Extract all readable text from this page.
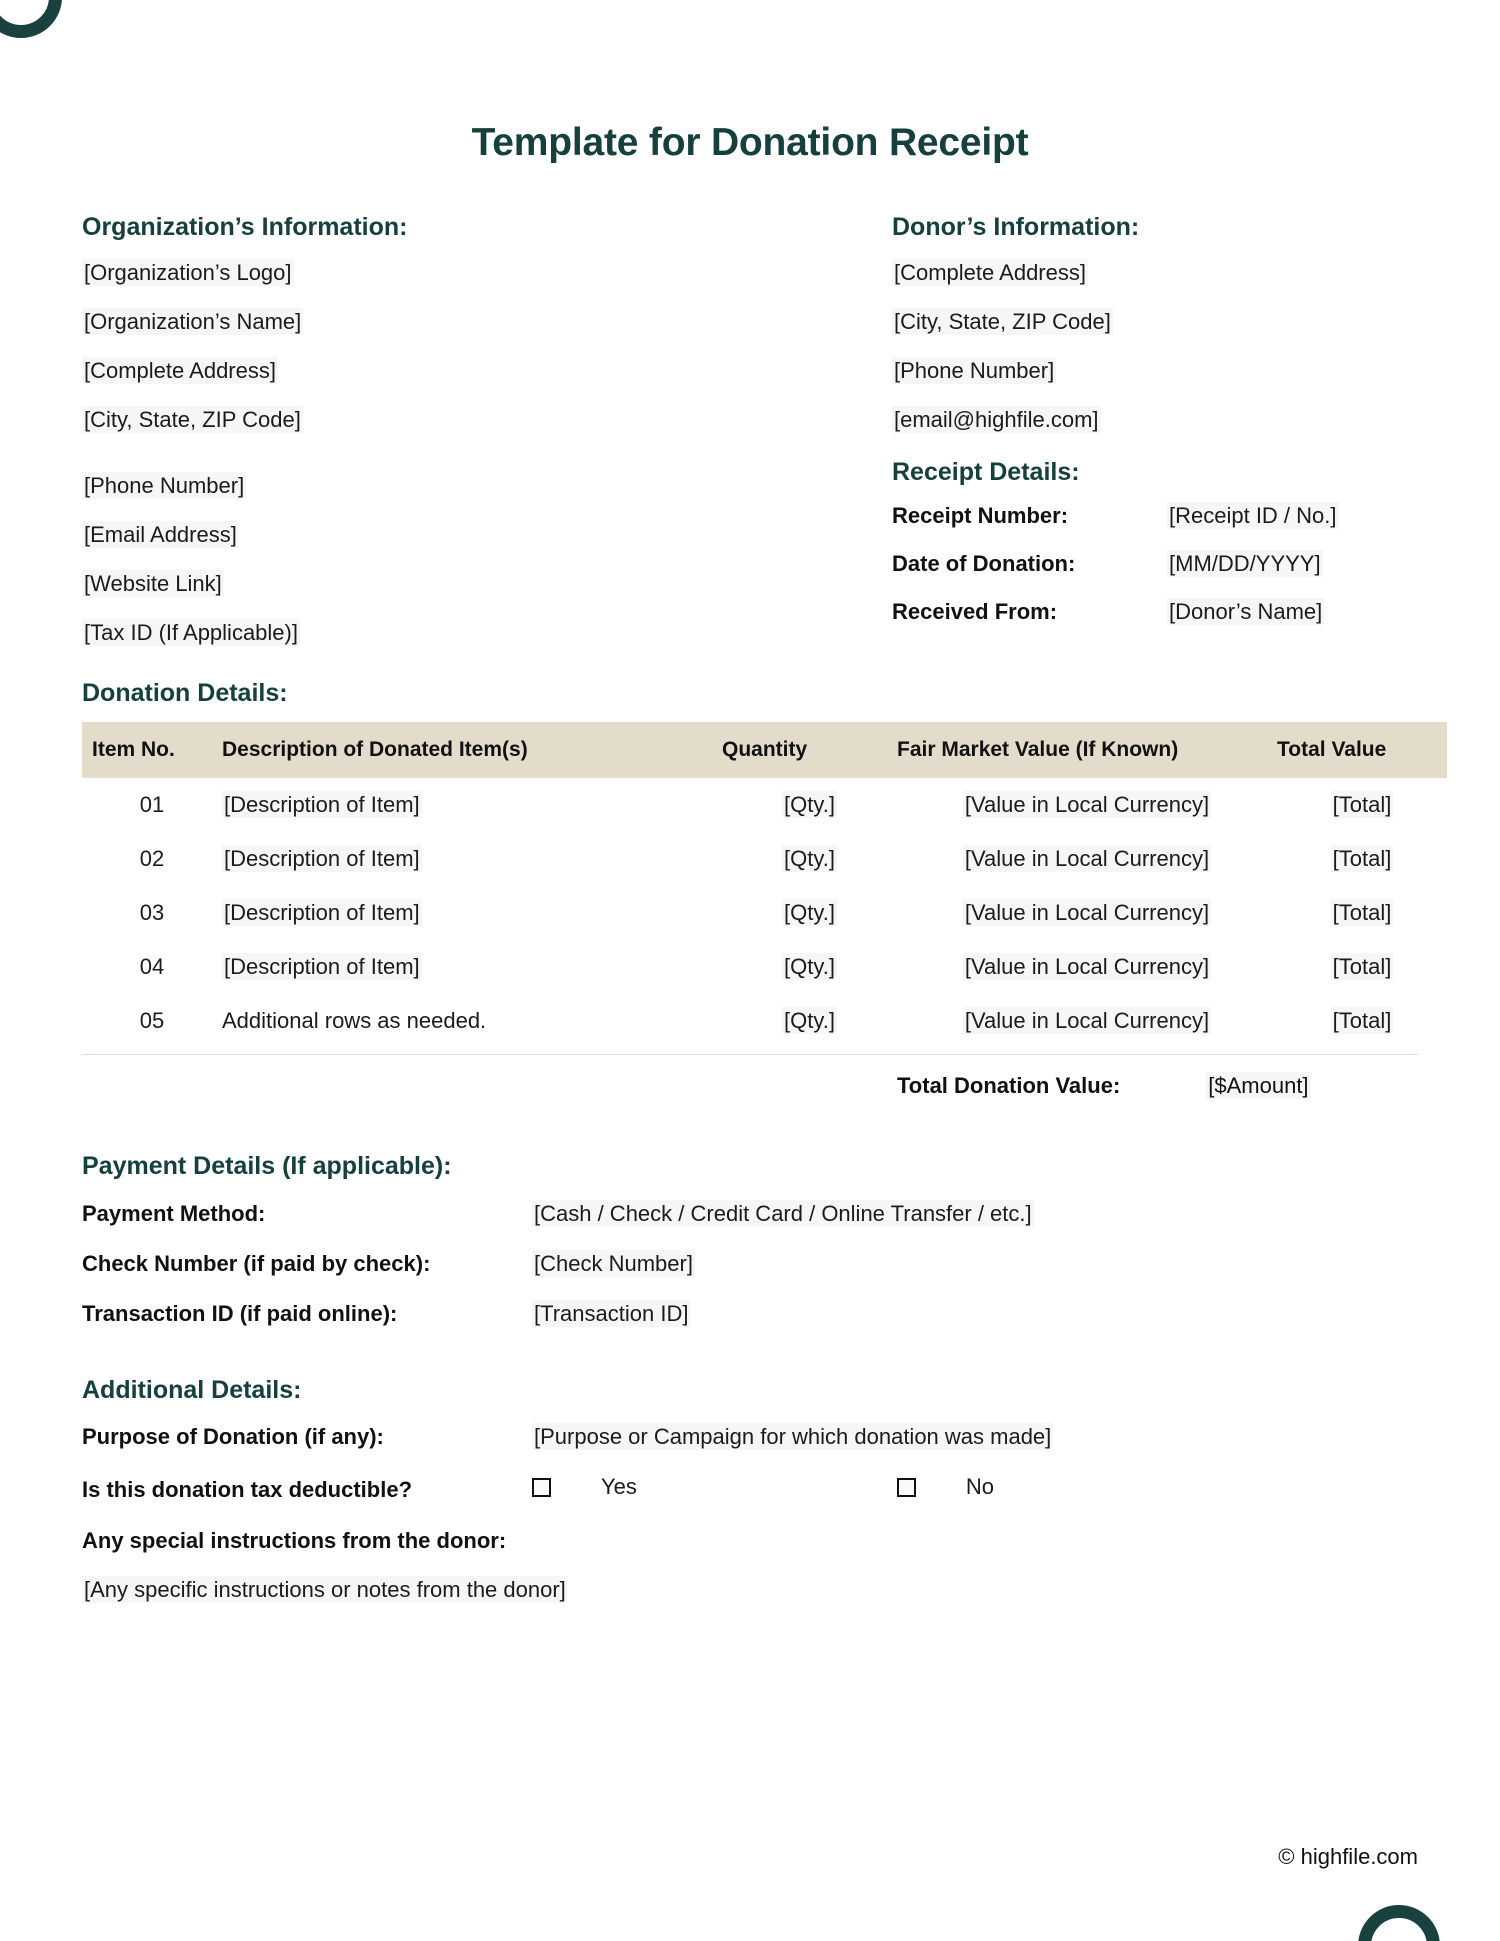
Template for Donation Receipt
Organization’s Information:
[Organization’s Logo]
[Organization’s Name]
[Complete Address]
[City, State, ZIP Code]
[Phone Number]
[Email Address]
[Website Link]
[Tax ID (If Applicable)]
Donor’s Information:
[Complete Address]
[City, State, ZIP Code]
[Phone Number]
[email@highfile.com]
Receipt Details:
Receipt Number:	[Receipt ID / No.]
Date of Donation:	[MM/DD/YYYY]
Received From:	[Donor’s Name]
Donation Details:
Item No.	Description of Donated Item(s)	Quantity	Fair Market Value (If Known)	Total Value
01	[Description of Item]	[Qty.]	[Value in Local Currency]	[Total]
02	[Description of Item]	[Qty.]	[Value in Local Currency]	[Total]
03	[Description of Item]	[Qty.]	[Value in Local Currency]	[Total]
04	[Description of Item]	[Qty.]	[Value in Local Currency]	[Total]
05	Additional rows as needed.	[Qty.]	[Value in Local Currency]	[Total]
Total Donation Value:	[$Amount]
Payment Details (If applicable):
Payment Method:	[Cash / Check / Credit Card / Online Transfer / etc.]
Check Number (if paid by check):	[Check Number]
Transaction ID (if paid online):	[Transaction ID]
Additional Details:
Purpose of Donation (if any):	[Purpose or Campaign for which donation was made]
Is this donation tax deductible?	Yes	No
Any special instructions from the donor:
[Any specific instructions or notes from the donor]
© highfile.com
